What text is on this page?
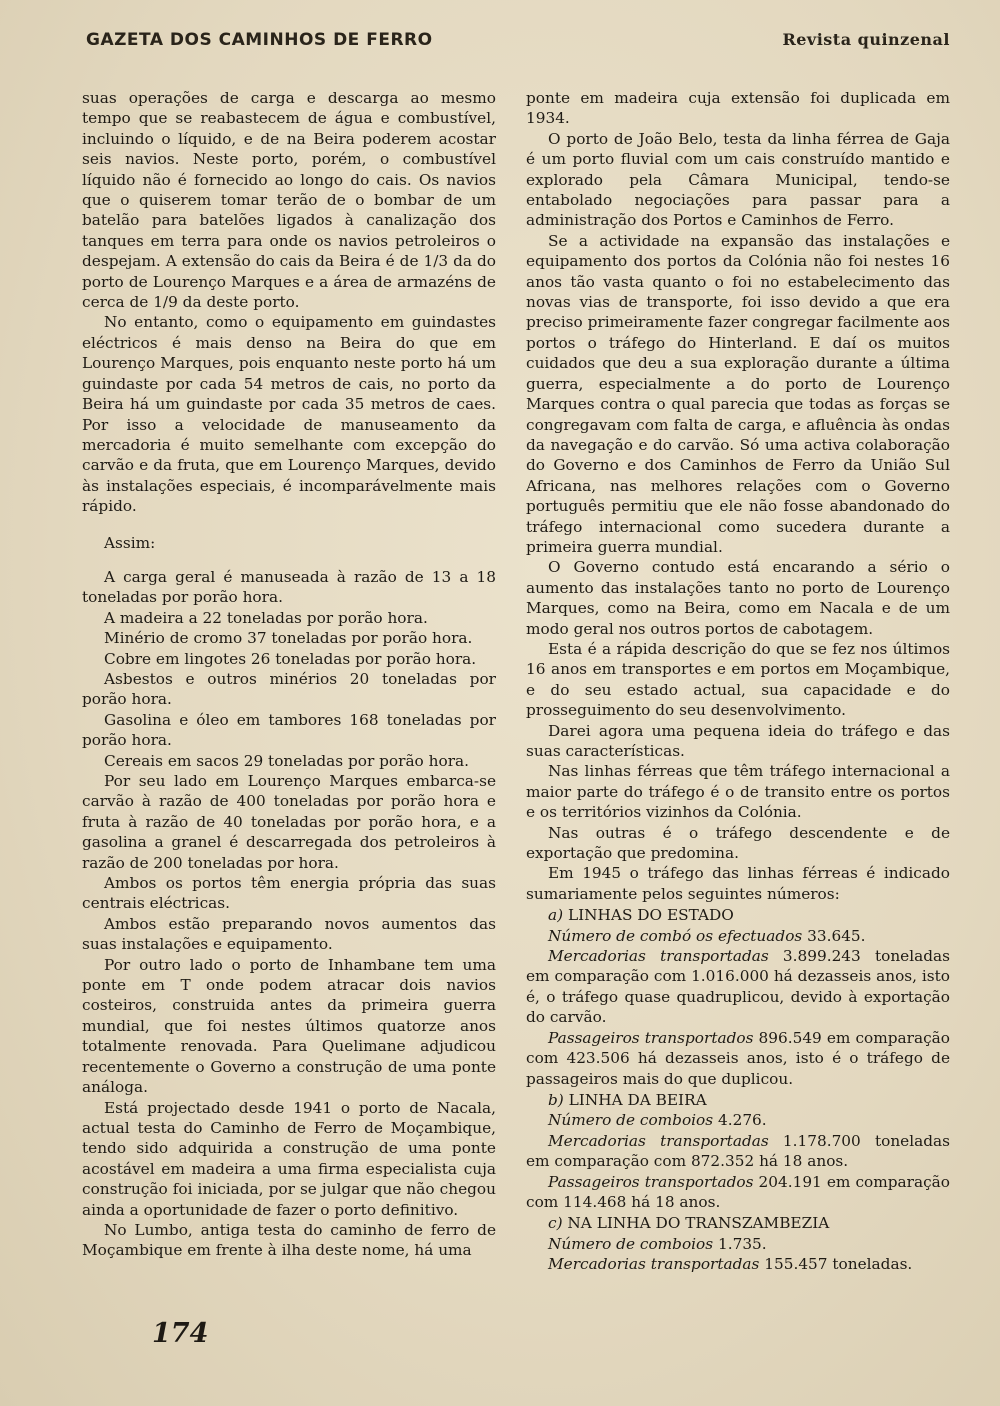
GAZETA DOS CAMINHOS DE FERRO	Revista quinzenal

suas operações de carga e descarga ao mesmo tempo que se reabastecem de água e combustível, incluindo o líquido, e de na Beira poderem acostar seis navios. Neste porto, porém, o combustível líquido não é fornecido ao longo do cais. Os navios que o quiserem tomar terão de o bombar de um batelão para batelões ligados à canalização dos tanques em terra para onde os navios petroleiros o despejam. A extensão do cais da Beira é de 1/3 da do porto de Lourenço Marques e a área de armazéns de cerca de 1/9 da deste porto.

No entanto, como o equipamento em guindastes eléctricos é mais denso na Beira do que em Lourenço Marques, pois enquanto neste porto há um guindaste por cada 54 metros de cais, no porto da Beira há um guindaste por cada 35 metros de caes. Por isso a velocidade de manuseamento da mercadoria é muito semelhante com excepção do carvão e da fruta, que em Lourenço Marques, devido às instalações especiais, é incomparávelmente mais rápido.

Assim:

A carga geral é manuseada à razão de 13 a 18 toneladas por porão hora.

A madeira a 22 toneladas por porão hora.

Minério de cromo 37 toneladas por porão hora.

Cobre em lingotes 26 toneladas por porão hora.

Asbestos e outros minérios 20 toneladas por porão hora.

Gasolina e óleo em tambores 168 toneladas por porão hora.

Cereais em sacos 29 toneladas por porão hora.

Por seu lado em Lourenço Marques embarca-se carvão à razão de 400 toneladas por porão hora e fruta à razão de 40 toneladas por porão hora, e a gasolina a granel é descarregada dos petroleiros à razão de 200 toneladas por hora.

Ambos os portos têm energia própria das suas centrais eléctricas.

Ambos estão preparando novos aumentos das suas instalações e equipamento.

Por outro lado o porto de Inhambane tem uma ponte em T onde podem atracar dois navios costeiros, construida antes da primeira guerra mundial, que foi nestes últimos quatorze anos totalmente renovada. Para Quelimane adjudicou recentemente o Governo a construção de uma ponte análoga.

Está projectado desde 1941 o porto de Nacala, actual testa do Caminho de Ferro de Moçambique, tendo sido adquirida a construção de uma ponte acostável em madeira a uma firma especialista cuja construção foi iniciada, por se julgar que não chegou ainda a oportunidade de fazer o porto definitivo.

No Lumbo, antiga testa do caminho de ferro de Moçambique em frente à ilha deste nome, há uma

ponte em madeira cuja extensão foi duplicada em 1934.

O porto de João Belo, testa da linha férrea de Gaja é um porto fluvial com um cais construído mantido e explorado pela Câmara Municipal, tendo-se entabolado negociações para passar para a administração dos Portos e Caminhos de Ferro.

Se a actividade na expansão das instalações e equipamento dos portos da Colónia não foi nestes 16 anos tão vasta quanto o foi no estabelecimento das novas vias de transporte, foi isso devido a que era preciso primeiramente fazer congregar facilmente aos portos o tráfego do Hinterland. E daí os muitos cuidados que deu a sua exploração durante a última guerra, especialmente a do porto de Lourenço Marques contra o qual parecia que todas as forças se congregavam com falta de carga, e afluência às ondas da navegação e do carvão. Só uma activa colaboração do Governo e dos Caminhos de Ferro da União Sul Africana, nas melhores relações com o Governo português permitiu que ele não fosse abandonado do tráfego internacional como sucedera durante a primeira guerra mundial.

O Governo contudo está encarando a sério o aumento das instalações tanto no porto de Lourenço Marques, como na Beira, como em Nacala e de um modo geral nos outros portos de cabotagem.

Esta é a rápida descrição do que se fez nos últimos 16 anos em transportes e em portos em Moçambique, e do seu estado actual, sua capacidade e do prosseguimento do seu desenvolvimento.

Darei agora uma pequena ideia do tráfego e das suas características.

Nas linhas férreas que têm tráfego internacional a maior parte do tráfego é o de transito entre os portos e os territórios vizinhos da Colónia.

Nas outras é o tráfego descendente e de exportação que predomina.

Em 1945 o tráfego das linhas férreas é indicado sumariamente pelos seguintes números:

a) LINHAS DO ESTADO

Número de combó os efectuados 33.645.

Mercadorias transportadas 3.899.243 toneladas em comparação com 1.016.000 há dezasseis anos, isto é, o tráfego quase quadruplicou, devido à exportação do carvão.

Passageiros transportados 896.549 em comparação com 423.506 há dezasseis anos, isto é o tráfego de passageiros mais do que duplicou.

b) LINHA DA BEIRA

Número de comboios 4.276.

Mercadorias transportadas 1.178.700 toneladas em comparação com 872.352 há 18 anos.

Passageiros transportados 204.191 em comparação com 114.468 há 18 anos.

c) NA LINHA DO TRANSZAMBEZIA

Número de comboios 1.735.

Mercadorias transportadas 155.457 toneladas.

174
